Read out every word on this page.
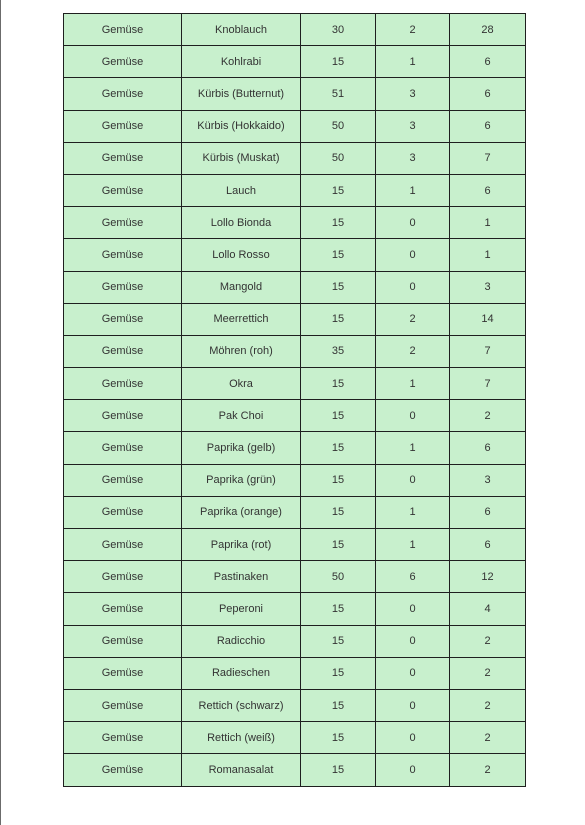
Gemüse	Knoblauch	30	2	28
Gemüse	Kohlrabi	15	1	6
Gemüse	Kürbis (Butternut)	51	3	6
Gemüse	Kürbis (Hokkaido)	50	3	6
Gemüse	Kürbis (Muskat)	50	3	7
Gemüse	Lauch	15	1	6
Gemüse	Lollo Bionda	15	0	1
Gemüse	Lollo Rosso	15	0	1
Gemüse	Mangold	15	0	3
Gemüse	Meerrettich	15	2	14
Gemüse	Möhren (roh)	35	2	7
Gemüse	Okra	15	1	7
Gemüse	Pak Choi	15	0	2
Gemüse	Paprika (gelb)	15	1	6
Gemüse	Paprika (grün)	15	0	3
Gemüse	Paprika (orange)	15	1	6
Gemüse	Paprika (rot)	15	1	6
Gemüse	Pastinaken	50	6	12
Gemüse	Peperoni	15	0	4
Gemüse	Radicchio	15	0	2
Gemüse	Radieschen	15	0	2
Gemüse	Rettich (schwarz)	15	0	2
Gemüse	Rettich (weiß)	15	0	2
Gemüse	Romanasalat	15	0	2
